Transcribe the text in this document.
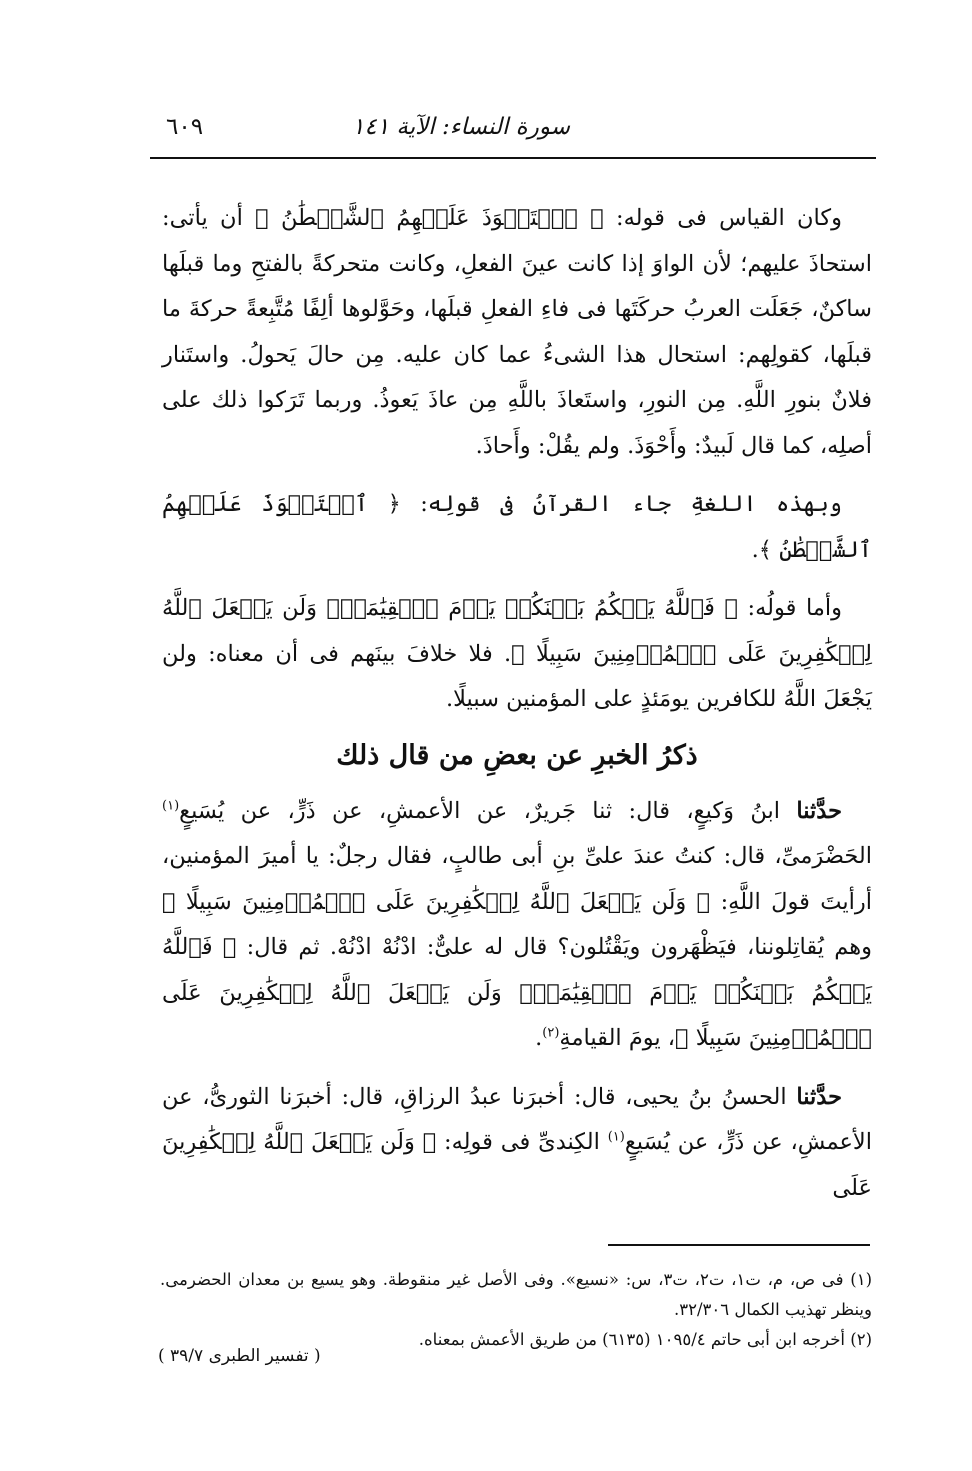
سورة النساء: الآية ١٤١
٦٠٩

وكان القياس فى قوله: ﴿ ٱسۡتَحۡوَذَ عَلَيۡهِمُ ٱلشَّيۡطَٰنُ ﴾ أن يأتى: استحاذَ عليهم؛ لأن الواوَ إذا كانت عينَ الفعلِ، وكانت متحركةً بالفتحِ وما قبلَها ساكنٌ، جَعَلَت العربُ حركَتَها فى فاءِ الفعلِ قبلَها، وحَوَّلوها ألِفًا مُتَّبِعةً حركةَ ما قبلَها، كقولِهم: استحال هذا الشىءُ عما كان عليه. مِن حالَ يَحولُ. واستَنار فلانٌ بنورِ اللَّهِ. مِن النورِ، واستَعاذَ باللَّهِ مِن عاذَ يَعوذُ. وربما تَرَكوا ذلك على أصلِه، كما قال لَبيدٌ: وأَحْوَذَ. ولم يقُلْ: وأَحاذَ.

وبهذه اللغةِ جاء القرآنُ فى قولِه: ﴿ ٱسۡتَحۡوَذَ عَلَيۡهِمُ ٱلشَّيۡطَٰنُ ﴾.

وأما قولُه: ﴿ فَٱللَّهُ يَحۡكُمُ بَيۡنَكُمۡ يَوۡمَ ٱلۡقِيَٰمَةِۗ وَلَن يَجۡعَلَ ٱللَّهُ لِلۡكَٰفِرِينَ عَلَى ٱلۡمُؤۡمِنِينَ سَبِيلًا ﴾. فلا خلافَ بينَهم فى أن معناه: ولن يَجْعَلَ اللَّهُ للكافرين يومَئذٍ على المؤمنين سبيلًا.

ذكرُ الخبرِ عن بعضِ من قال ذلك

حدَّثنا ابنُ وَكيعٍ، قال: ثنا جَريرٌ، عن الأعمشِ، عن ذَرٍّ، عن يُسَيعٍ$^{(١)}$ الحَضْرَمىِّ، قال: كنتُ عندَ علىِّ بنِ أبى طالبٍ، فقال رجلٌ: يا أميرَ المؤمنين، أرأيتَ قولَ اللَّهِ: ﴿ وَلَن يَجۡعَلَ ٱللَّهُ لِلۡكَٰفِرِينَ عَلَى ٱلۡمُؤۡمِنِينَ سَبِيلًا ﴾ وهم يُقاتِلوننا، فيَظْهَرون ويَقْتُلون؟ قال له علىٌّ: ادْنُهْ ادْنُهْ. ثم قال: ﴿ فَٱللَّهُ يَحۡكُمُ بَيۡنَكُمۡ يَوۡمَ ٱلۡقِيَٰمَةِۗ وَلَن يَجۡعَلَ ٱللَّهُ لِلۡكَٰفِرِينَ عَلَى ٱلۡمُؤۡمِنِينَ سَبِيلًا ﴾، يومَ القيامةِ$^{(٢)}$.

حدَّثنا الحسنُ بنُ يحيى، قال: أخبرَنا عبدُ الرزاقِ، قال: أخبرَنا الثورىُّ، عن الأعمشِ، عن ذَرٍّ، عن يُسَيعٍ$^{(١)}$ الكِندىِّ فى قولِه: ﴿ وَلَن يَجۡعَلَ ٱللَّهُ لِلۡكَٰفِرِينَ عَلَى

(١) فى ص، م، ت١، ت٢، ت٣، س: «نسيع». وفى الأصل غير منقوطة. وهو يسيع بن معدان الحضرمى. وينظر تهذيب الكمال ٣٢/٣٠٦.

(٢) أخرجه ابن أبى حاتم ١٠٩٥/٤ (٦١٣٥) من طريق الأعمش بمعناه.

( تفسير الطبرى ٣٩/٧ )
